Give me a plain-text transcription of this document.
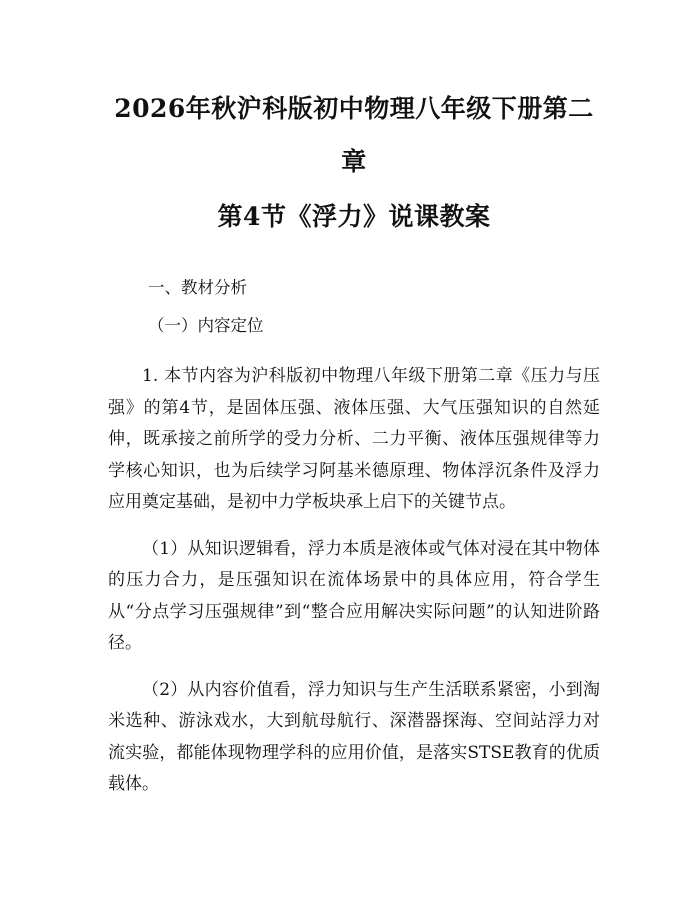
2026年秋沪科版初中物理八年级下册第二章
第4节《浮力》说课教案

一、教材分析

（一）内容定位

1. 本节内容为沪科版初中物理八年级下册第二章《压力与压强》的第4节，是固体压强、液体压强、大气压强知识的自然延伸，既承接之前所学的受力分析、二力平衡、液体压强规律等力学核心知识，也为后续学习阿基米德原理、物体浮沉条件及浮力应用奠定基础，是初中力学板块承上启下的关键节点。

（1）从知识逻辑看，浮力本质是液体或气体对浸在其中物体的压力合力，是压强知识在流体场景中的具体应用，符合学生从“分点学习压强规律”到“整合应用解决实际问题”的认知进阶路径。

（2）从内容价值看，浮力知识与生产生活联系紧密，小到淘米选种、游泳戏水，大到航母航行、深潜器探海、空间站浮力对流实验，都能体现物理学科的应用价值，是落实STSE教育的优质载体。
